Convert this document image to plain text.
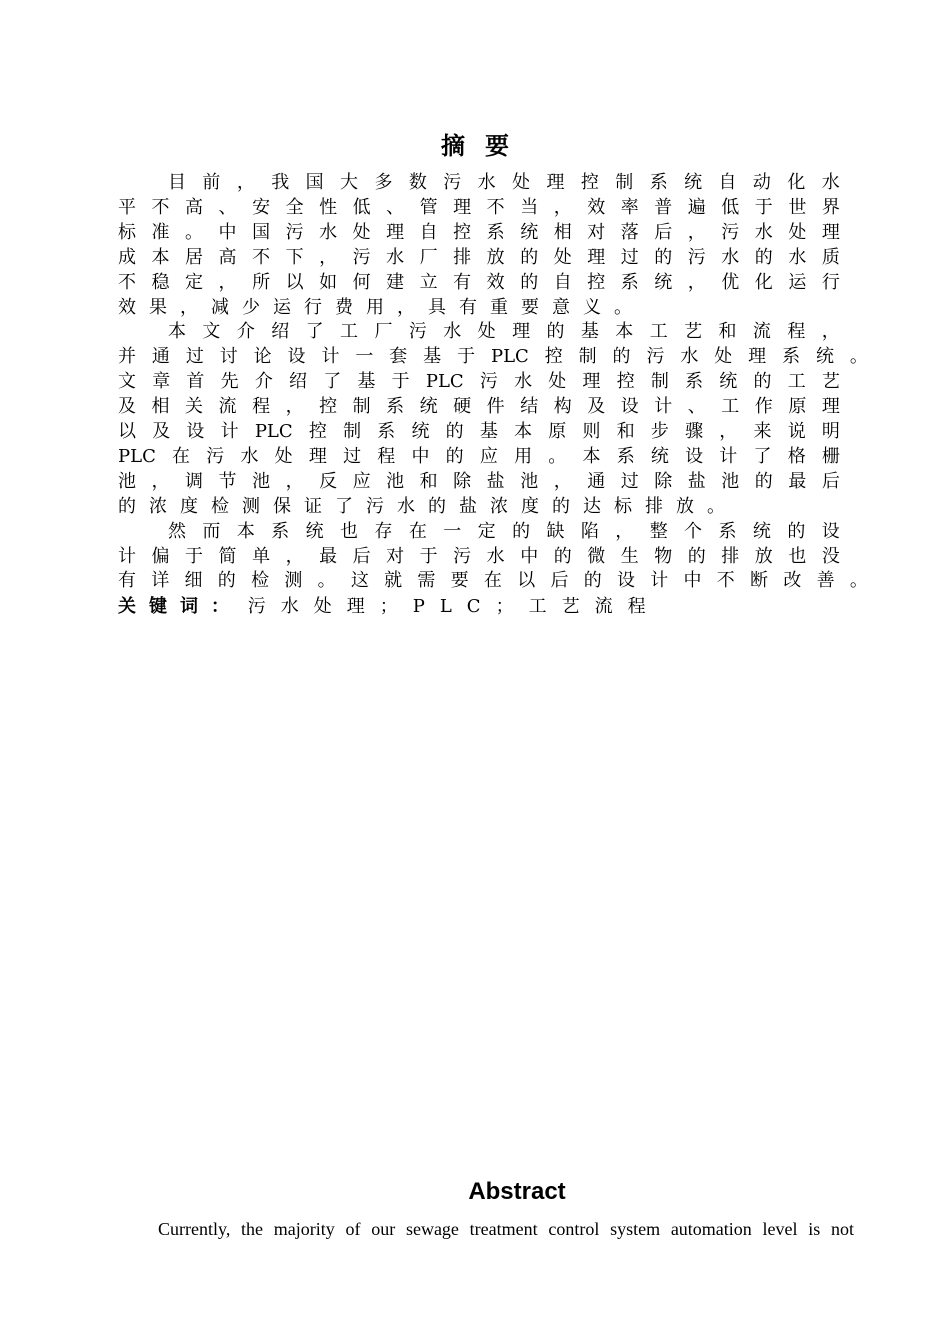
摘要
目 前 ， 我 国 大 多 数 污 水 处 理 控 制 系 统 自 动 化 水
平 不 高 、 安 全 性 低 、 管 理 不 当 ， 效 率 普 遍 低 于 世 界
标 准 。 中 国 污 水 处 理 自 控 系 统 相 对 落 后 ， 污 水 处 理
成 本 居 高 不 下 ， 污 水 厂 排 放 的 处 理 过 的 污 水 的 水 质
不 稳 定 ， 所 以 如 何 建 立 有 效 的 自 控 系 统 ， 优 化 运 行
效 果 ， 减 少 运 行 费 用 ， 具 有 重 要 意 义 。
本 文 介 绍 了 工 厂 污 水 处 理 的 基 本 工 艺 和 流 程 ，
并 通 过 讨 论 设 计 一 套 基 于 PLC 控 制 的 污 水 处 理 系 统 。
文 章 首 先 介 绍 了 基 于 PLC 污 水 处 理 控 制 系 统 的 工 艺
及 相 关 流 程 ， 控 制 系 统 硬 件 结 构 及 设 计 、 工 作 原 理
以 及 设 计 PLC 控 制 系 统 的 基 本 原 则 和 步 骤 ， 来 说 明
PLC 在 污 水 处 理 过 程 中 的 应 用 。 本 系 统 设 计 了 格 栅
池 ， 调 节 池 ， 反 应 池 和 除 盐 池 ， 通 过 除 盐 池 的 最 后
的 浓 度 检 测 保 证 了 污 水 的 盐 浓 度 的 达 标 排 放 。
然 而 本 系 统 也 存 在 一 定 的 缺 陷 ， 整 个 系 统 的 设
计 偏 于 简 单 ， 最 后 对 于 污 水 中 的 微 生 物 的 排 放 也 没
有 详 细 的 检 测 。 这 就 需 要 在 以 后 的 设 计 中 不 断 改 善 。
关 键 词 ： 污水处理；PLC；工艺流程
Abstract
Currently, the majority of our sewage treatment control system automation level is not
